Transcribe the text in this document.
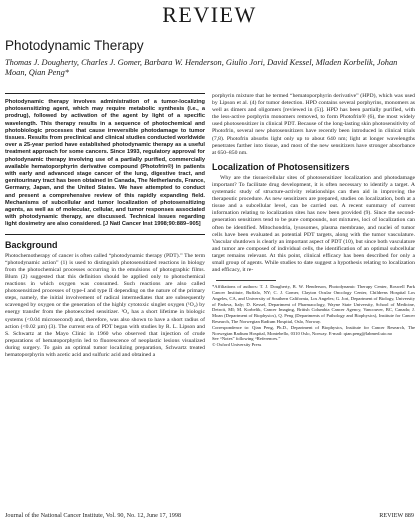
REVIEW
Photodynamic Therapy

Thomas J. Dougherty, Charles J. Gomer, Barbara W. Henderson, Giulio Jori, David Kessel, Mladen Korbelik, Johan Moan, Qian Peng*

Photodynamic therapy involves administration of a tumor-localizing photosensitizing agent, which may require metabolic synthesis (i.e., a prodrug), followed by activation of the agent by light of a specific wavelength. This therapy results in a sequence of photochemical and photobiologic processes that cause irreversible photodamage to tumor tissues. Results from preclinical and clinical studies conducted worldwide over a 25-year period have established photodynamic therapy as a useful treatment approach for some cancers. Since 1993, regulatory approval for photodynamic therapy involving use of a partially purified, commercially available hematoporphyrin derivative compound (Photofrin®) in patients with early and advanced stage cancer of the lung, digestive tract, and genitourinary tract has been obtained in Canada, The Netherlands, France, Germany, Japan, and the United States. We have attempted to conduct and present a comprehensive review of this rapidly expanding field. Mechanisms of subcellular and tumor localization of photosensitizing agents, as well as of molecular, cellular, and tumor responses associated with photodynamic therapy, are discussed. Technical issues regarding light dosimetry are also considered. [J Natl Cancer Inst 1998;90:889–905]

Background

Photochemotherapy of cancer is often called “photodynamic therapy (PDT).” The term “photodynamic action” (1) is used to distinguish photosensitized reactions in biology from the photochemical processes occurring in the emulsions of photographic films. Blum (2) suggested that this definition should be applied only to photochemical reactions in which oxygen was consumed. Such reactions are also called photosensitized processes of type-I and type II depending on the nature of the primary steps, namely, the initial involvement of radical intermediates that are subsequently scavenged by oxygen or the generation of the highly cytotoxic singlet oxygen (¹O₂) by energy transfer from the photoexcited sensitizer. ¹O₂ has a short lifetime in biologic systems (<0.04 microsecond) and, therefore, was also shown to have a short radius of action (<0.02 µm) (3). The current era of PDT began with studies by R. L. Lipson and S. Schwartz at the Mayo Clinic in 1960 who observed that injection of crude preparations of hematoporphyrin led to fluorescence of neoplastic lesions visualized during surgery. To gain an optimal tumor localizing preparation, Schwartz treated hematoporphyrin with acetic acid and sulfuric acid and obtained a

porphyrin mixture that he termed “hematoporphyrin derivative” (HPD), which was used by Lipson et al. (4) for tumor detection. HPD contains several porphyrins, monomers as well as dimers and oligomers [reviewed in (5)]. HPD has been partially purified, with the less-active porphyrin monomers removed, to form Photofrin® (6), the most widely used photosensitizer in clinical PDT. Because of the long-lasting skin photosensitivity of Photofrin, several new photosensitizers have recently been introduced in clinical trials (7,8). Photofrin absorbs light only up to about 640 nm; light at longer wavelengths penetrates farther into tissue, and most of the new sensitizers have stronger absorbance at 650–850 nm.

Localization of Photosensitizers

Why are the tissue/cellular sites of photosensitizer localization and photodamage important? To facilitate drug development, it is often necessary to identify a target. A systematic study of structure-activity relationships can then aid in improving the therapeutic procedure. As new sensitizers are prepared, studies on localization, both at a tissue and a subcellular level, can be carried out. A recent summary of current information relating to localization sites has now been provided (9). Since the second-generation sensitizers tend to be pure compounds, not mixtures, loci of localization can often be identified. Mitochondria, lysosomes, plasma membrane, and nuclei of tumor cells have been evaluated as potential PDT targets, along with the tumor vasculature. Vascular shutdown is clearly an important aspect of PDT (10), but since both vasculature and tumor are composed of individual cells, the identification of an optimal subcellular target remains relevant. At this point, clinical efficacy has been described for only a small group of agents. While studies to date suggest a hypothesis relating to localization and efficacy, it re-

*Affiliations of authors: T. J. Dougherty, B. W. Henderson, Photodynamic Therapy Center, Roswell Park Cancer Institute, Buffalo, NY; C. J. Gomer, Clayton Ocular Oncology Center, Childrens Hospital Los Angeles, CA, and University of Southern California, Los Angeles; G. Jori, Department of Biology, University of Padova, Italy; D. Kessel, Department of Pharmacology, Wayne State University, School of Medicine, Detroit, MI; M. Korbelik, Cancer Imaging, British Columbia Cancer Agency, Vancouver, BC, Canada; J. Moan (Department of Biophysics), Q. Peng (Departments of Pathology and Biophysics), Institute for Cancer Research, The Norwegian Radium Hospital, Oslo, Norway.

Correspondence to: Qian Peng, Ph.D., Department of Biophysics, Institute for Cancer Research, The Norwegian Radium Hospital, Montebello, 0310 Oslo, Norway. E-mail: qian.peng@labmed.uio.no

See “Notes” following “References.”

© Oxford University Press

Journal of the National Cancer Institute, Vol. 90, No. 12, June 17, 1998	REVIEW 889
